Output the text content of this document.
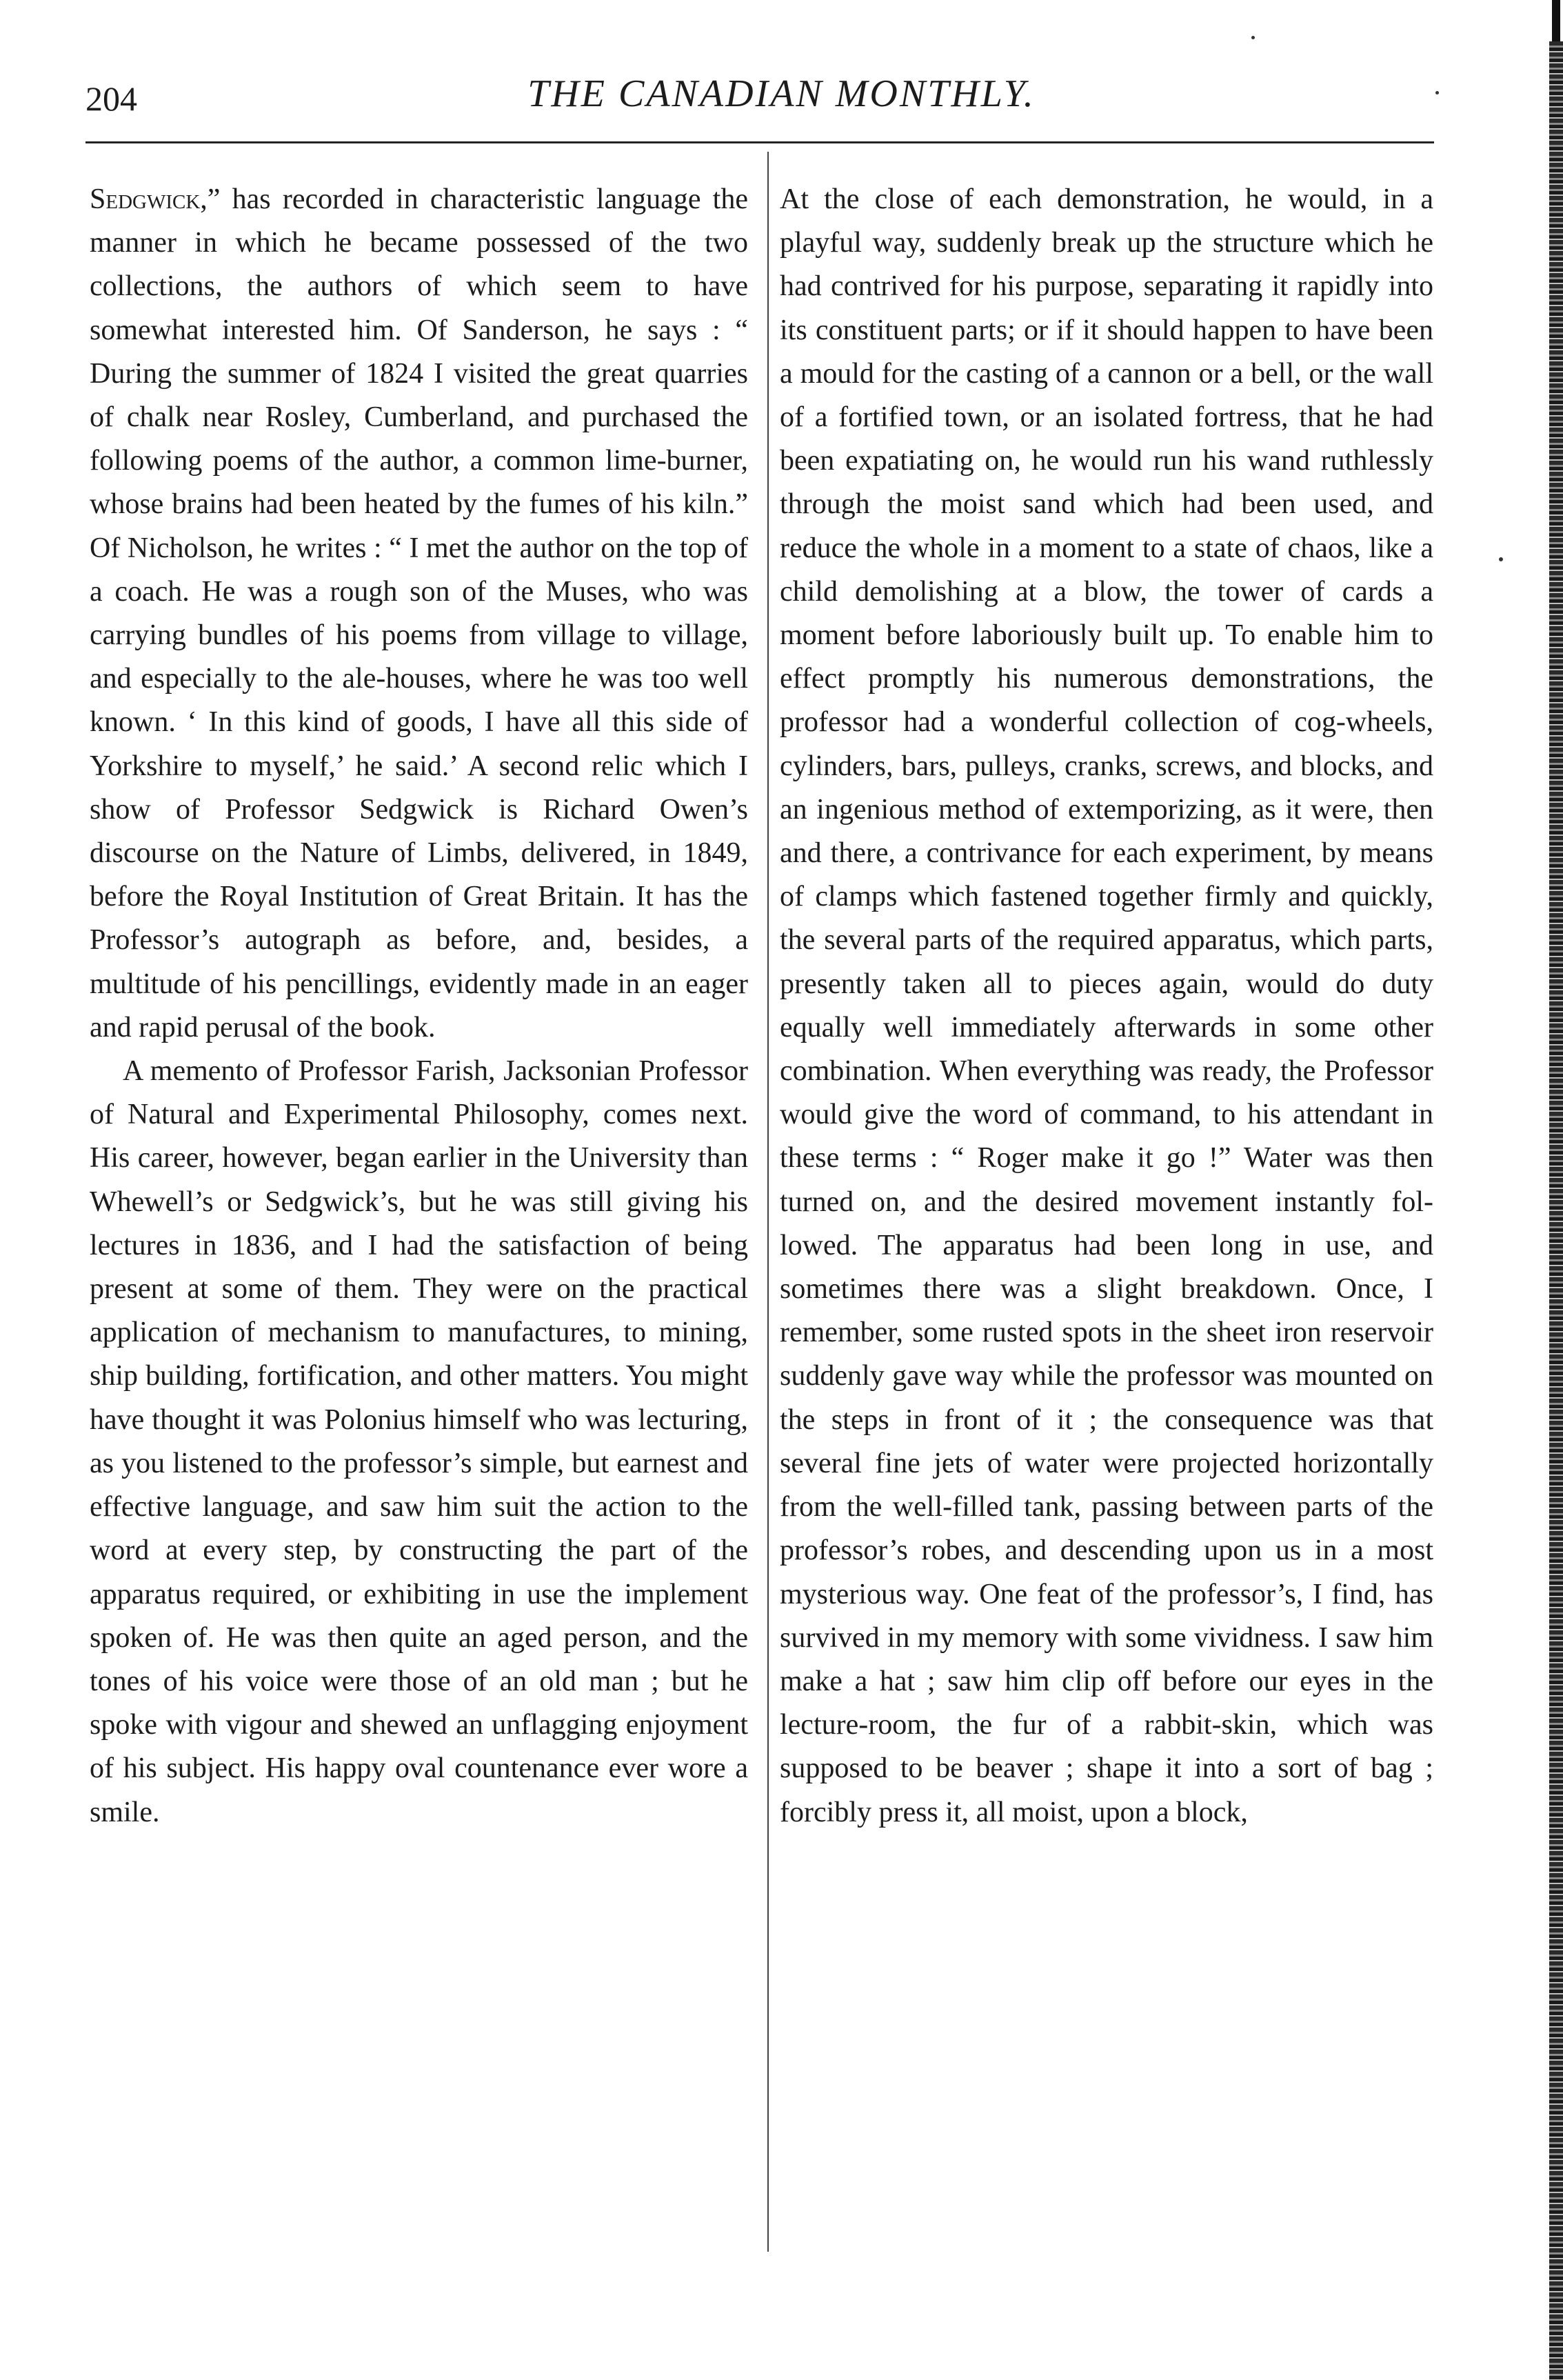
204	THE CANADIAN MONTHLY.

Sedgwick,” has recorded in characteristic language the manner in which he became possessed of the two collections, the authors of which seem to have somewhat interested him. Of Sanderson, he says : “ During the summer of 1824 I visited the great quarries of chalk near Rosley, Cumberland, and purchased the following poems of the author, a common lime-burner, whose brains had been heated by the fumes of his kiln.” Of Nicholson, he writes : “ I met the author on the top of a coach. He was a rough son of the Muses, who was carrying bundles of his poems from village to village, and especially to the ale-houses, where he was too well known. ‘ In this kind of goods, I have all this side of Yorkshire to myself,’ he said.’ A second relic which I show of Professor Sedgwick is Richard Owen’s discourse on the Nature of Limbs, delivered, in 1849, before the Royal Institution of Great Britain. It has the Professor’s autograph as before, and, besides, a multitude of his pencillings, evidently made in an eager and rapid perusal of the book.

A memento of Professor Farish, Jacksonian Professor of Natural and Experimental Philosophy, comes next. His career, however, began earlier in the University than Whewell’s or Sedgwick’s, but he was still giving his lectures in 1836, and I had the satisfaction of being present at some of them. They were on the practical application of mechanism to manufactures, to mining, ship building, fortification, and other matters. You might have thought it was Polonius himself who was lecturing, as you listened to the professor’s simple, but earnest and effective language, and saw him suit the action to the word at every step, by constructing the part of the apparatus required, or exhibiting in use the implement spoken of. He was then quite an aged person, and the tones of his voice were those of an old man ; but he spoke with vigour and shewed an unflagging enjoyment of his subject. His happy oval countenance ever wore a smile.

At the close of each demonstration, he would, in a playful way, suddenly break up the structure which he had contrived for his purpose, separating it rapidly into its constituent parts; or if it should happen to have been a mould for the casting of a cannon or a bell, or the wall of a fortified town, or an isolated fortress, that he had been expatiating on, he would run his wand ruthlessly through the moist sand which had been used, and reduce the whole in a moment to a state of chaos, like a child demolishing at a blow, the tower of cards a moment before laboriously built up. To enable him to effect promptly his numerous demonstrations, the professor had a wonderful collection of cog-wheels, cylinders, bars, pulleys, cranks, screws, and blocks, and an ingenious method of extemporizing, as it were, then and there, a contrivance for each experiment, by means of clamps which fastened together firmly and quickly, the several parts of the required apparatus, which parts, presently taken all to pieces again, would do duty equally well immediately afterwards in some other combination. When everything was ready, the Professor would give the word of command, to his attendant in these terms : “ Roger make it go !” Water was then turned on, and the desired movement instantly followed. The apparatus had been long in use, and sometimes there was a slight breakdown. Once, I remember, some rusted spots in the sheet iron reservoir suddenly gave way while the professor was mounted on the steps in front of it ; the consequence was that several fine jets of water were projected horizontally from the well-filled tank, passing between parts of the professor’s robes, and descending upon us in a most mysterious way. One feat of the professor’s, I find, has survived in my memory with some vividness. I saw him make a hat ; saw him clip off before our eyes in the lecture-room, the fur of a rabbit-skin, which was supposed to be beaver ; shape it into a sort of bag ; forcibly press it, all moist, upon a block,
